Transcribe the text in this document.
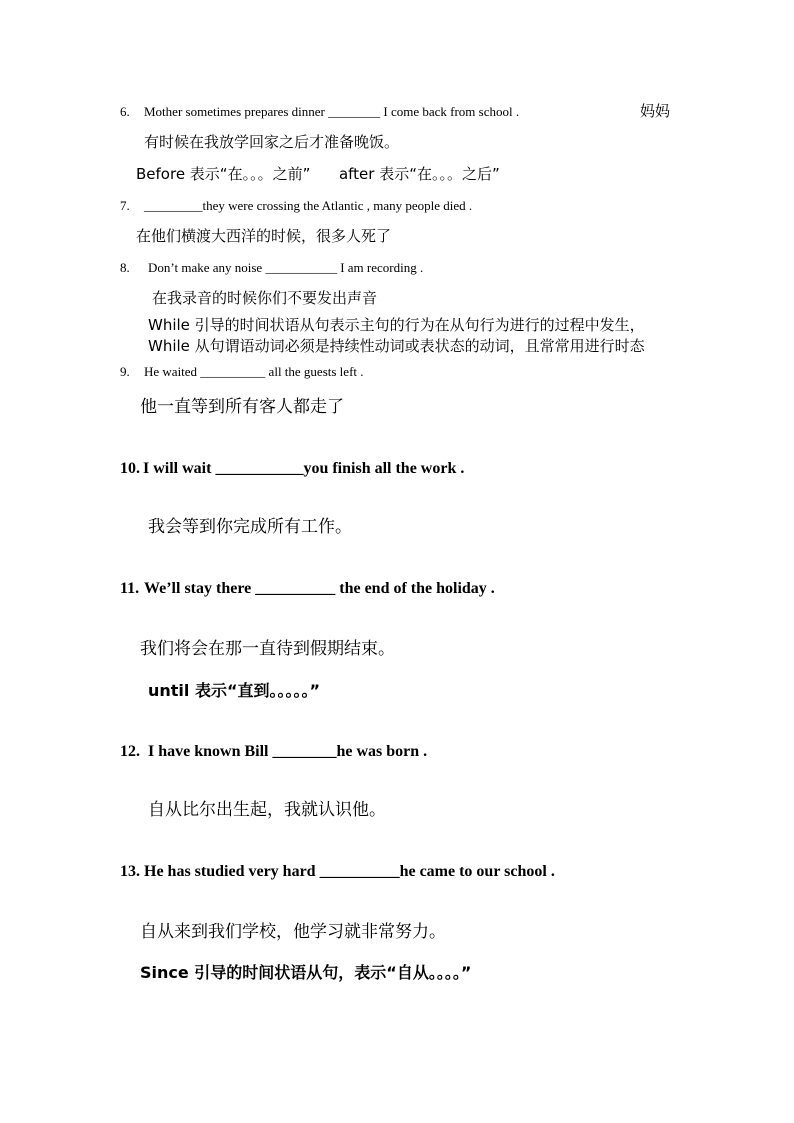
6. Mother sometimes prepares dinner ________ I come back from school .	妈妈
有时候在我放学回家之后才准备晚饭。
Before 表示“在。。。之前”      after 表示“在。。。之后”
7. _________they were crossing the Atlantic , many people died .
在他们横渡大西洋的时候，很多人死了
8. Don’t make any noise ___________ I am recording .
在我录音的时候你们不要发出声音
While 引导的时间状语从句表示主句的行为在从句行为进行的过程中发生，
While 从句谓语动词必须是持续性动词或表状态的动词，且常常用进行时态
9. He waited __________ all the guests left .
他一直等到所有客人都走了
10. I will wait ___________you finish all the work .
我会等到你完成所有工作。
11. We’ll stay there __________ the end of the holiday .
我们将会在那一直待到假期结束。
until 表示“直到。。。。。”
12. I have known Bill ________he was born .
自从比尔出生起，我就认识他。
13. He has studied very hard __________he came to our school .
自从来到我们学校，他学习就非常努力。
Since 引导的时间状语从句，表示“自从。。。。”
